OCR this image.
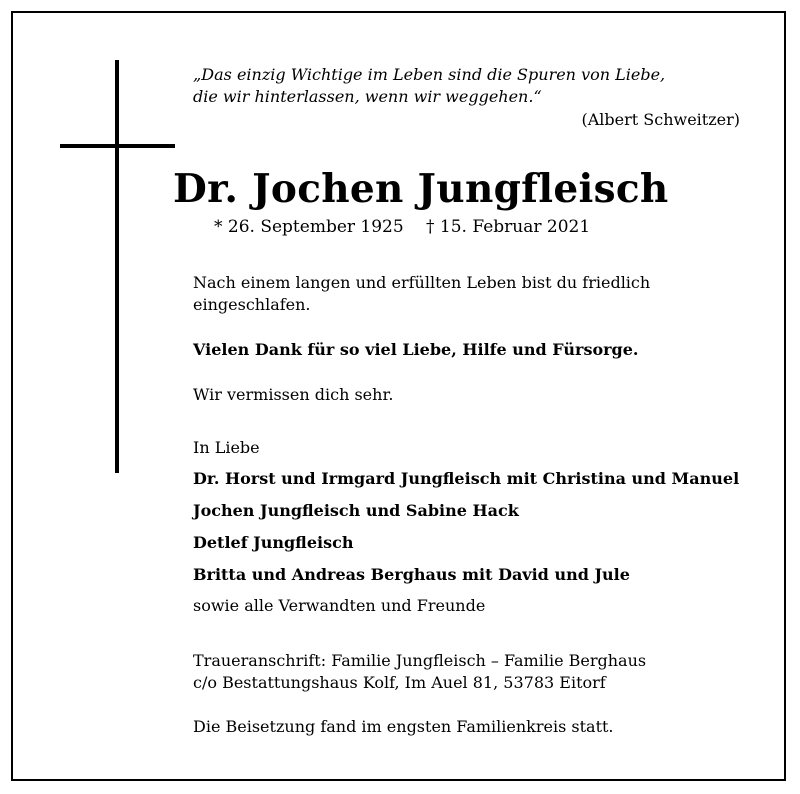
„Das einzig Wichtige im Leben sind die Spuren von Liebe,
die wir hinterlassen, wenn wir weggehen.“
(Albert Schweitzer)
Dr. Jochen Jungfleisch
* 26. September 1925 † 15. Februar 2021
Nach einem langen und erfüllten Leben bist du friedlich
eingeschlafen.
Vielen Dank für so viel Liebe, Hilfe und Fürsorge.
Wir vermissen dich sehr.
In Liebe
Dr. Horst und Irmgard Jungfleisch mit Christina und Manuel
Jochen Jungfleisch und Sabine Hack
Detlef Jungfleisch
Britta und Andreas Berghaus mit David und Jule
sowie alle Verwandten und Freunde
Traueranschrift: Familie Jungfleisch – Familie Berghaus
c/o Bestattungshaus Kolf, Im Auel 81, 53783 Eitorf
Die Beisetzung fand im engsten Familienkreis statt.
